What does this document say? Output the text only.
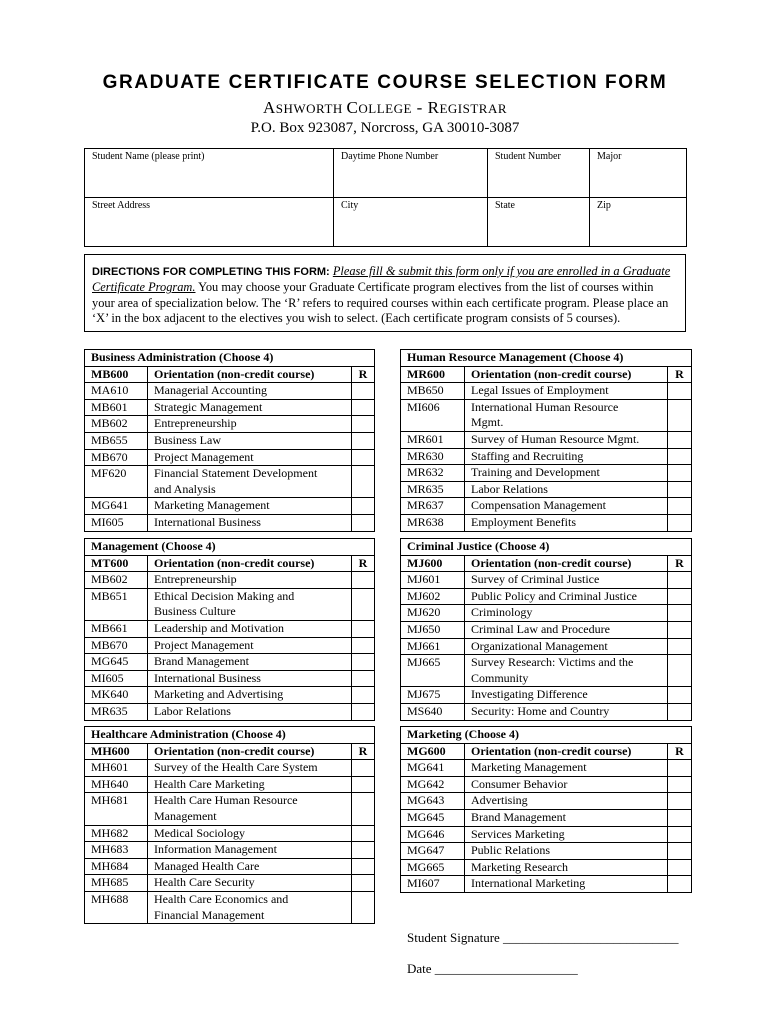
GRADUATE CERTIFICATE COURSE SELECTION FORM
ASHWORTH COLLEGE - REGISTRAR
P.O. Box 923087, Norcross, GA 30010-3087
Student Name (please print)	Daytime Phone Number	Student Number	Major
Street Address	City	State	Zip
DIRECTIONS FOR COMPLETING THIS FORM: Please fill & submit this form only if you are enrolled in a Graduate Certificate Program. You may choose your Graduate Certificate program electives from the list of courses within your area of specialization below. The ‘R’ refers to required courses within each certificate program. Please place an ‘X’ in the box adjacent to the electives you wish to select. (Each certificate program consists of 5 courses).
Business Administration (Choose 4)		
MB600	Orientation (non-credit course)	R
MA610	Managerial Accounting	
MB601	Strategic Management	
MB602	Entrepreneurship	
MB655	Business Law	
MB670	Project Management	
MF620	Financial Statement Development
and Analysis	
MG641	Marketing Management	
MI605	International Business	
Human Resource Management (Choose 4)		
MR600	Orientation (non-credit course)	R
MB650	Legal Issues of Employment	
MI606	International Human Resource
Mgmt.	
MR601	Survey of Human Resource Mgmt.	
MR630	Staffing and Recruiting	
MR632	Training and Development	
MR635	Labor Relations	
MR637	Compensation Management	
MR638	Employment Benefits	
Management (Choose 4)		
MT600	Orientation (non-credit course)	R
MB602	Entrepreneurship	
MB651	Ethical Decision Making and
Business Culture	
MB661	Leadership and Motivation	
MB670	Project Management	
MG645	Brand Management	
MI605	International Business	
MK640	Marketing and Advertising	
MR635	Labor Relations	
Criminal Justice (Choose 4)		
MJ600	Orientation (non-credit course)	R
MJ601	Survey of Criminal Justice	
MJ602	Public Policy and Criminal Justice	
MJ620	Criminology	
MJ650	Criminal Law and Procedure	
MJ661	Organizational Management	
MJ665	Survey Research: Victims and the
Community	
MJ675	Investigating Difference	
MS640	Security: Home and Country	
Healthcare Administration (Choose 4)		
MH600	Orientation (non-credit course)	R
MH601	Survey of the Health Care System	
MH640	Health Care Marketing	
MH681	Health Care Human Resource
Management	
MH682	Medical Sociology	
MH683	Information Management	
MH684	Managed Health Care	
MH685	Health Care Security	
MH688	Health Care Economics and
Financial Management	
Marketing (Choose 4)		
MG600	Orientation (non-credit course)	R
MG641	Marketing Management	
MG642	Consumer Behavior	
MG643	Advertising	
MG645	Brand Management	
MG646	Services Marketing	
MG647	Public Relations	
MG665	Marketing Research	
MI607	International Marketing	
Student Signature ___________________________
Date ______________________
